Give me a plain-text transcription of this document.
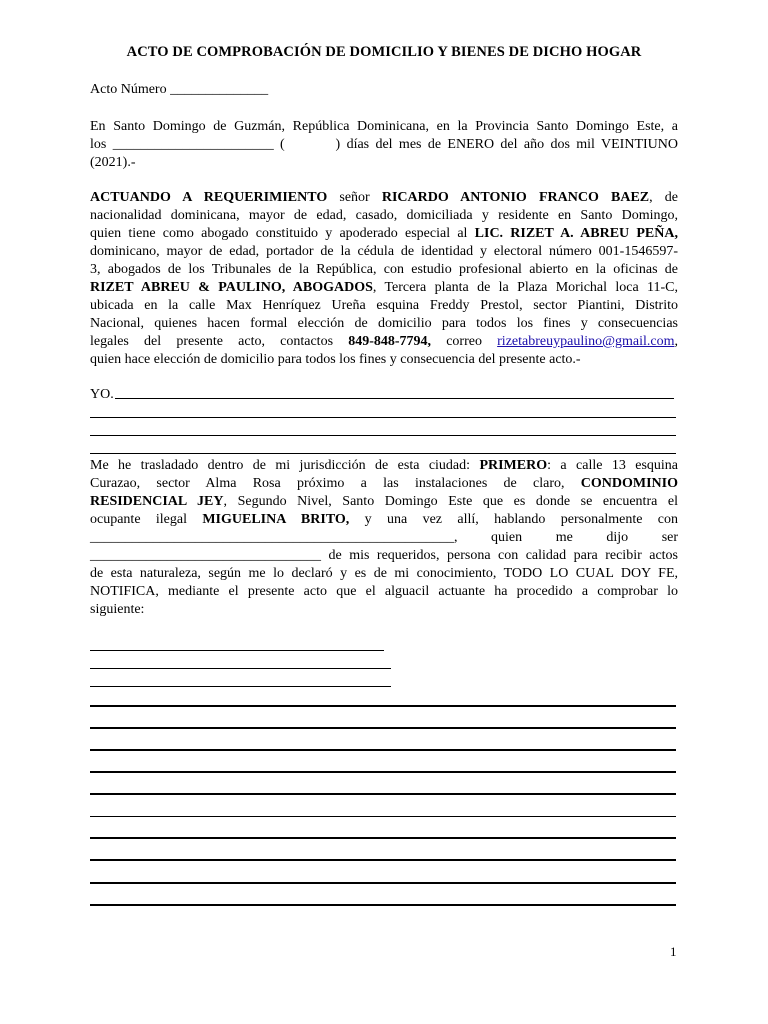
ACTO DE COMPROBACIÓN DE DOMICILIO Y BIENES DE DICHO HOGAR
Acto Número ______________
En Santo Domingo de Guzmán, República Dominicana, en la Provincia Santo Domingo Este, a
los _______________________ (        ) días del mes de ENERO del año dos mil VEINTIUNO
(2021).-
ACTUANDO A REQUERIMIENTO señor RICARDO ANTONIO FRANCO BAEZ, de
nacionalidad dominicana, mayor de edad, casado, domiciliada y residente en Santo Domingo,
quien tiene como abogado constituido y apoderado especial al LIC. RIZET A. ABREU PEÑA,
dominicano, mayor de edad, portador de la cédula de identidad y electoral número 001-1546597-
3, abogados de los Tribunales de la República, con estudio profesional abierto en la oficinas de
RIZET ABREU & PAULINO, ABOGADOS, Tercera planta de la Plaza Morichal loca 11-C,
ubicada en la calle Max Henríquez Ureña esquina Freddy Prestol, sector Piantini, Distrito
Nacional, quienes hacen formal elección de domicilio para todos los fines y consecuencias
legales del presente acto, contactos 849-848-7794, correo rizetabreuypaulino@gmail.com,
quien hace elección de domicilio para todos los fines y consecuencia del presente acto.-
YO.
Me he trasladado dentro de mi jurisdicción de esta ciudad: PRIMERO: a calle 13 esquina
Curazao, sector Alma Rosa próximo a las instalaciones de claro, CONDOMINIO
RESIDENCIAL JEY, Segundo Nivel, Santo Domingo Este que es donde se encuentra el
ocupante ilegal MIGUELINA BRITO, y una vez allí, hablando personalmente con
____________________________________________________, quien me dijo ser
_________________________________ de mis requeridos, persona con calidad para recibir actos
de esta naturaleza, según me lo declaró y es de mi conocimiento, TODO LO CUAL DOY FE,
NOTIFICA, mediante el presente acto que el alguacil actuante ha procedido a comprobar lo
siguiente:
1
